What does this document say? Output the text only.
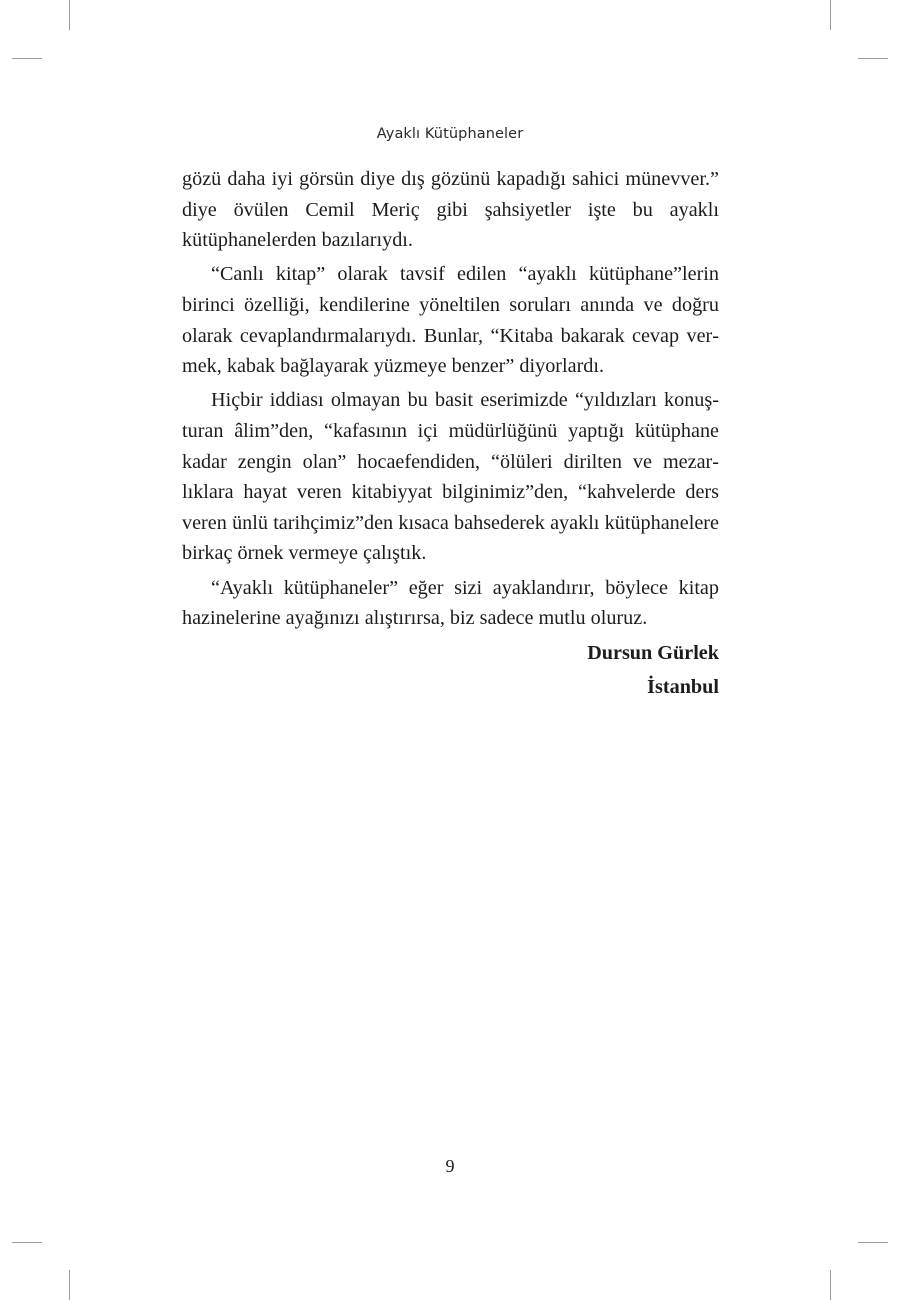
Ayaklı Kütüphaneler

gözü daha iyi görsün diye dış gözünü kapadığı sahici münevver.” diye övülen Cemil Meriç gibi şahsiyetler işte bu ayaklı kütüphanelerden bazılarıydı.

“Canlı kitap” olarak tavsif edilen “ayaklı kütüphane”lerin birinci özelliği, kendilerine yöneltilen soruları anında ve doğru olarak cevaplandırmalarıydı. Bunlar, “Kitaba bakarak cevap vermek, kabak bağlayarak yüzmeye benzer” diyorlardı.

Hiçbir iddiası olmayan bu basit eserimizde “yıldızları konuşturan âlim”den, “kafasının içi müdürlüğünü yaptığı kütüphane kadar zengin olan” hocaefendiden, “ölüleri dirilten ve mezarlıklara hayat veren kitabiyyat bilginimiz”den, “kahvelerde ders veren ünlü tarihçimiz”den kısaca bahsederek ayaklı kütüphanelere birkaç örnek vermeye çalıştık.

“Ayaklı kütüphaneler” eğer sizi ayaklandırır, böylece kitap hazinelerine ayağınızı alıştırırsa, biz sadece mutlu oluruz.

Dursun Gürlek

İstanbul

9
